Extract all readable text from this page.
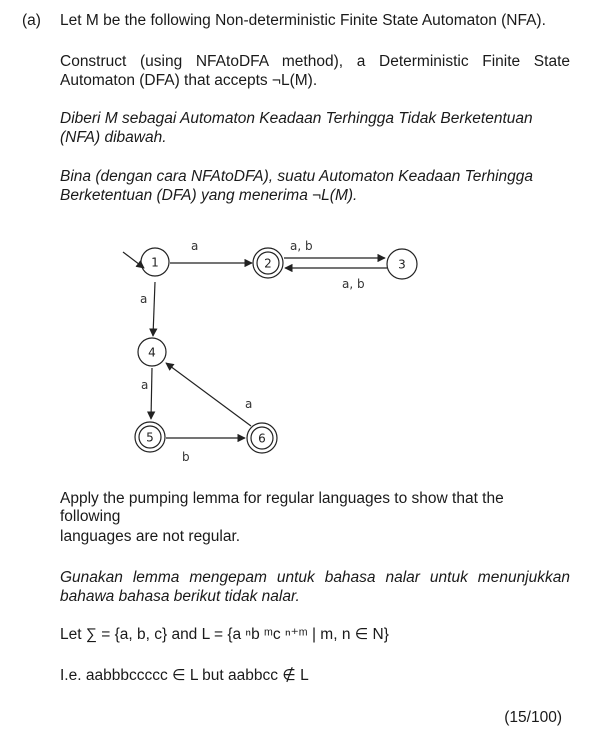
(a) Let M be the following Non-deterministic Finite State Automaton (NFA).

Construct (using NFAtoDFA method), a Deterministic Finite State Automaton (DFA) that accepts ¬L(M).

Diberi M sebagai Automaton Keadaan Terhingga Tidak Berketentuan (NFA) dibawah.

Bina (dengan cara NFAtoDFA), suatu Automaton Keadaan Terhingga Berketentuan (DFA) yang menerima ¬L(M).

1	2	3
4
5	6
a	a, b
a, b
a
a
b
a

Apply the pumping lemma for regular languages to show that the

following

languages are not regular.

Gunakan lemma mengepam untuk bahasa nalar untuk menunjukkan bahawa bahasa berikut tidak nalar.

Let ∑ = {a, b, c} and L = {a ⁿb ᵐc ⁿ⁺ᵐ | m, n ∈ N}

I.e. aabbbccccc ∈ L but aabbcc ∉ L

(15/100)
